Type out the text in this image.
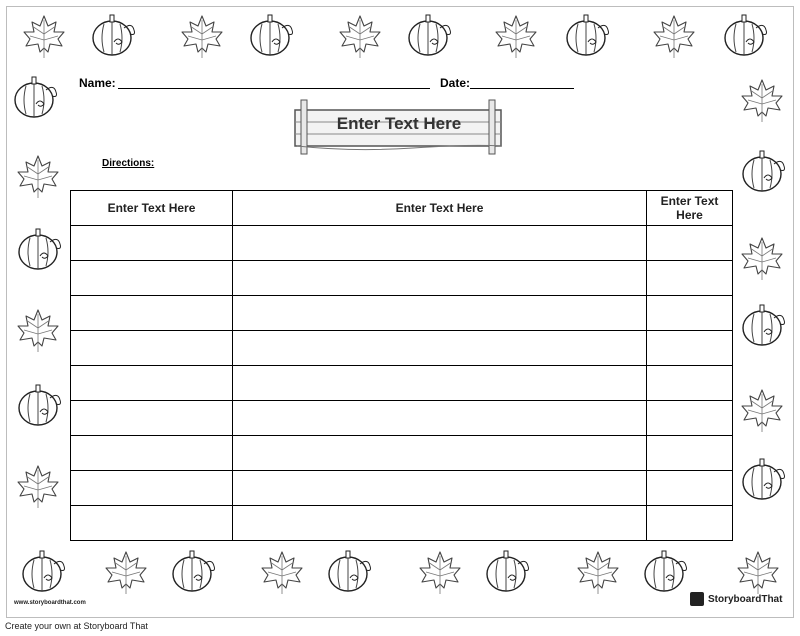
Name:	Date:
Enter Text Here
Directions:
Enter Text Here	Enter Text Here	Enter Text Here

www.storyboardthat.com	StoryboardThat
Create your own at Storyboard That
